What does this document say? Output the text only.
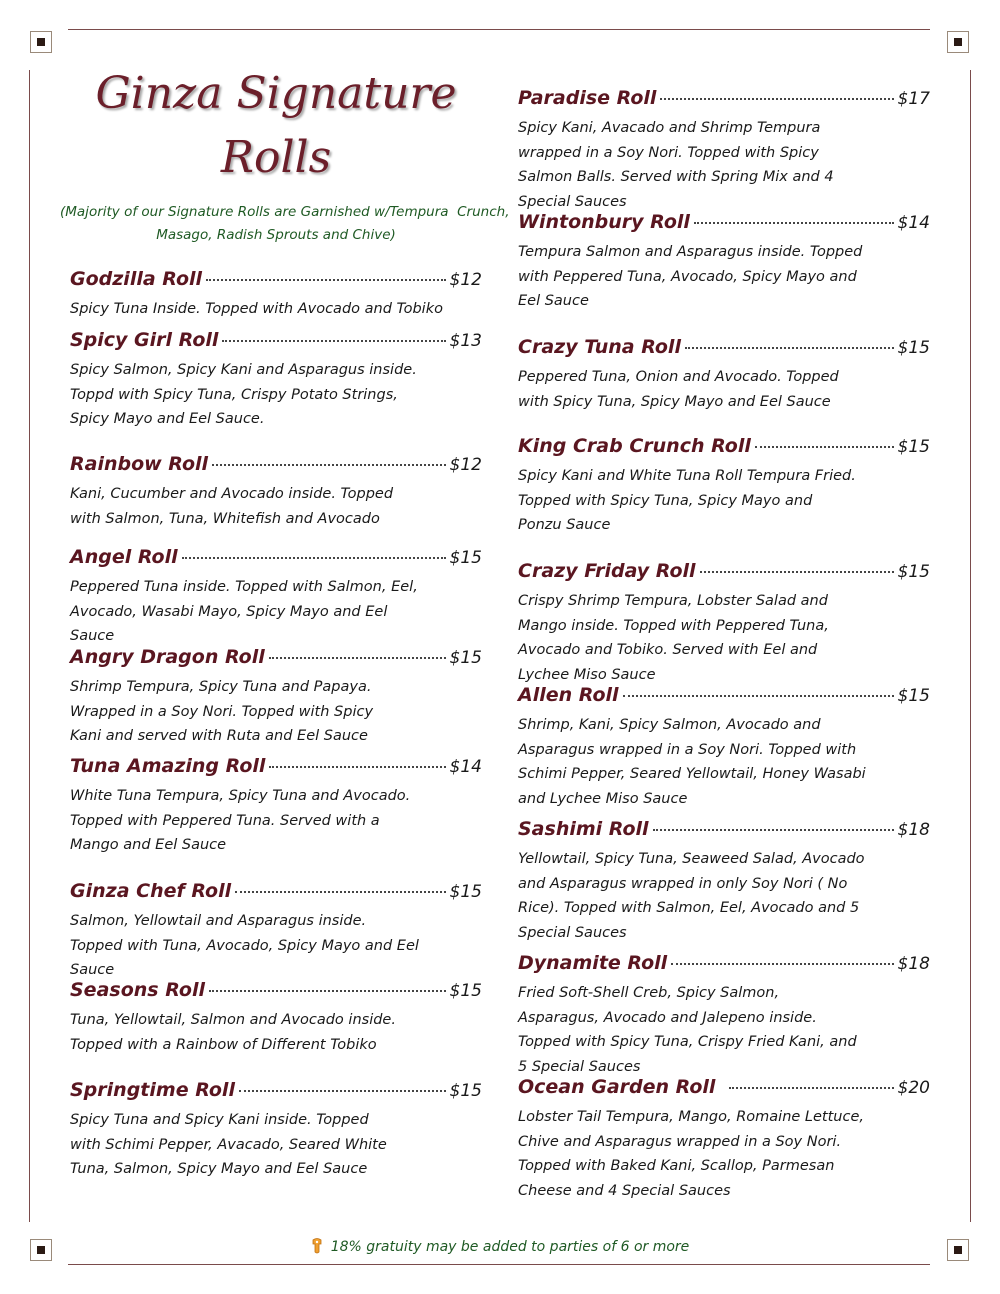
Ginza Signature
Rolls
(Majority of our Signature Rolls are Garnished w/Tempura  Crunch,
Masago, Radish Sprouts and Chive)
Godzilla Roll	$12
Spicy Tuna Inside. Topped with Avocado and Tobiko
Spicy Girl Roll	$13
Spicy Salmon, Spicy Kani and Asparagus inside. Toppd with Spicy Tuna, Crispy Potato Strings, Spicy Mayo and Eel Sauce.
Rainbow Roll	$12
Kani, Cucumber and Avocado inside. Topped with Salmon, Tuna, Whitefish and Avocado
Angel Roll	$15
Peppered Tuna inside. Topped with Salmon, Eel, Avocado, Wasabi Mayo, Spicy Mayo and Eel Sauce
Angry Dragon Roll	$15
Shrimp Tempura, Spicy Tuna and Papaya. Wrapped in a Soy Nori. Topped with Spicy Kani and served with Ruta and Eel Sauce
Tuna Amazing Roll	$14
White Tuna Tempura, Spicy Tuna and Avocado. Topped with Peppered Tuna. Served with a Mango and Eel Sauce
Ginza Chef Roll	$15
Salmon, Yellowtail and Asparagus inside. Topped with Tuna, Avocado, Spicy Mayo and Eel Sauce
Seasons Roll	$15
Tuna, Yellowtail, Salmon and Avocado inside. Topped with a Rainbow of Different Tobiko
Springtime Roll	$15
Spicy Tuna and Spicy Kani inside. Topped with Schimi Pepper, Avacado, Seared White Tuna, Salmon, Spicy Mayo and Eel Sauce
Paradise Roll	$17
Spicy Kani, Avacado and Shrimp Tempura wrapped in a Soy Nori. Topped with Spicy Salmon Balls. Served with Spring Mix and 4 Special Sauces
Wintonbury Roll	$14
Tempura Salmon and Asparagus inside. Topped with Peppered Tuna, Avocado, Spicy Mayo and Eel Sauce
Crazy Tuna Roll	$15
Peppered Tuna, Onion and Avocado. Topped with Spicy Tuna, Spicy Mayo and Eel Sauce
King Crab Crunch Roll	$15
Spicy Kani and White Tuna Roll Tempura Fried. Topped with Spicy Tuna, Spicy Mayo and Ponzu Sauce
Crazy Friday Roll	$15
Crispy Shrimp Tempura, Lobster Salad and Mango inside. Topped with Peppered Tuna, Avocado and Tobiko. Served with Eel and Lychee Miso Sauce
Allen Roll	$15
Shrimp, Kani, Spicy Salmon, Avocado and Asparagus wrapped in a Soy Nori. Topped with Schimi Pepper, Seared Yellowtail, Honey Wasabi and Lychee Miso Sauce
Sashimi Roll	$18
Yellowtail, Spicy Tuna, Seaweed Salad, Avocado and Asparagus wrapped in only Soy Nori ( No Rice). Topped with Salmon, Eel, Avocado and 5 Special Sauces
Dynamite Roll	$18
Fried Soft-Shell Creb, Spicy Salmon, Asparagus, Avocado and Jalepeno inside. Topped with Spicy Tuna, Crispy Fried Kani, and 5 Special Sauces
Ocean Garden Roll	$20
Lobster Tail Tempura, Mango, Romaine Lettuce, Chive and Asparagus wrapped in a Soy Nori. Topped with Baked Kani, Scallop, Parmesan Cheese and 4 Special Sauces
18% gratuity may be added to parties of 6 or more
